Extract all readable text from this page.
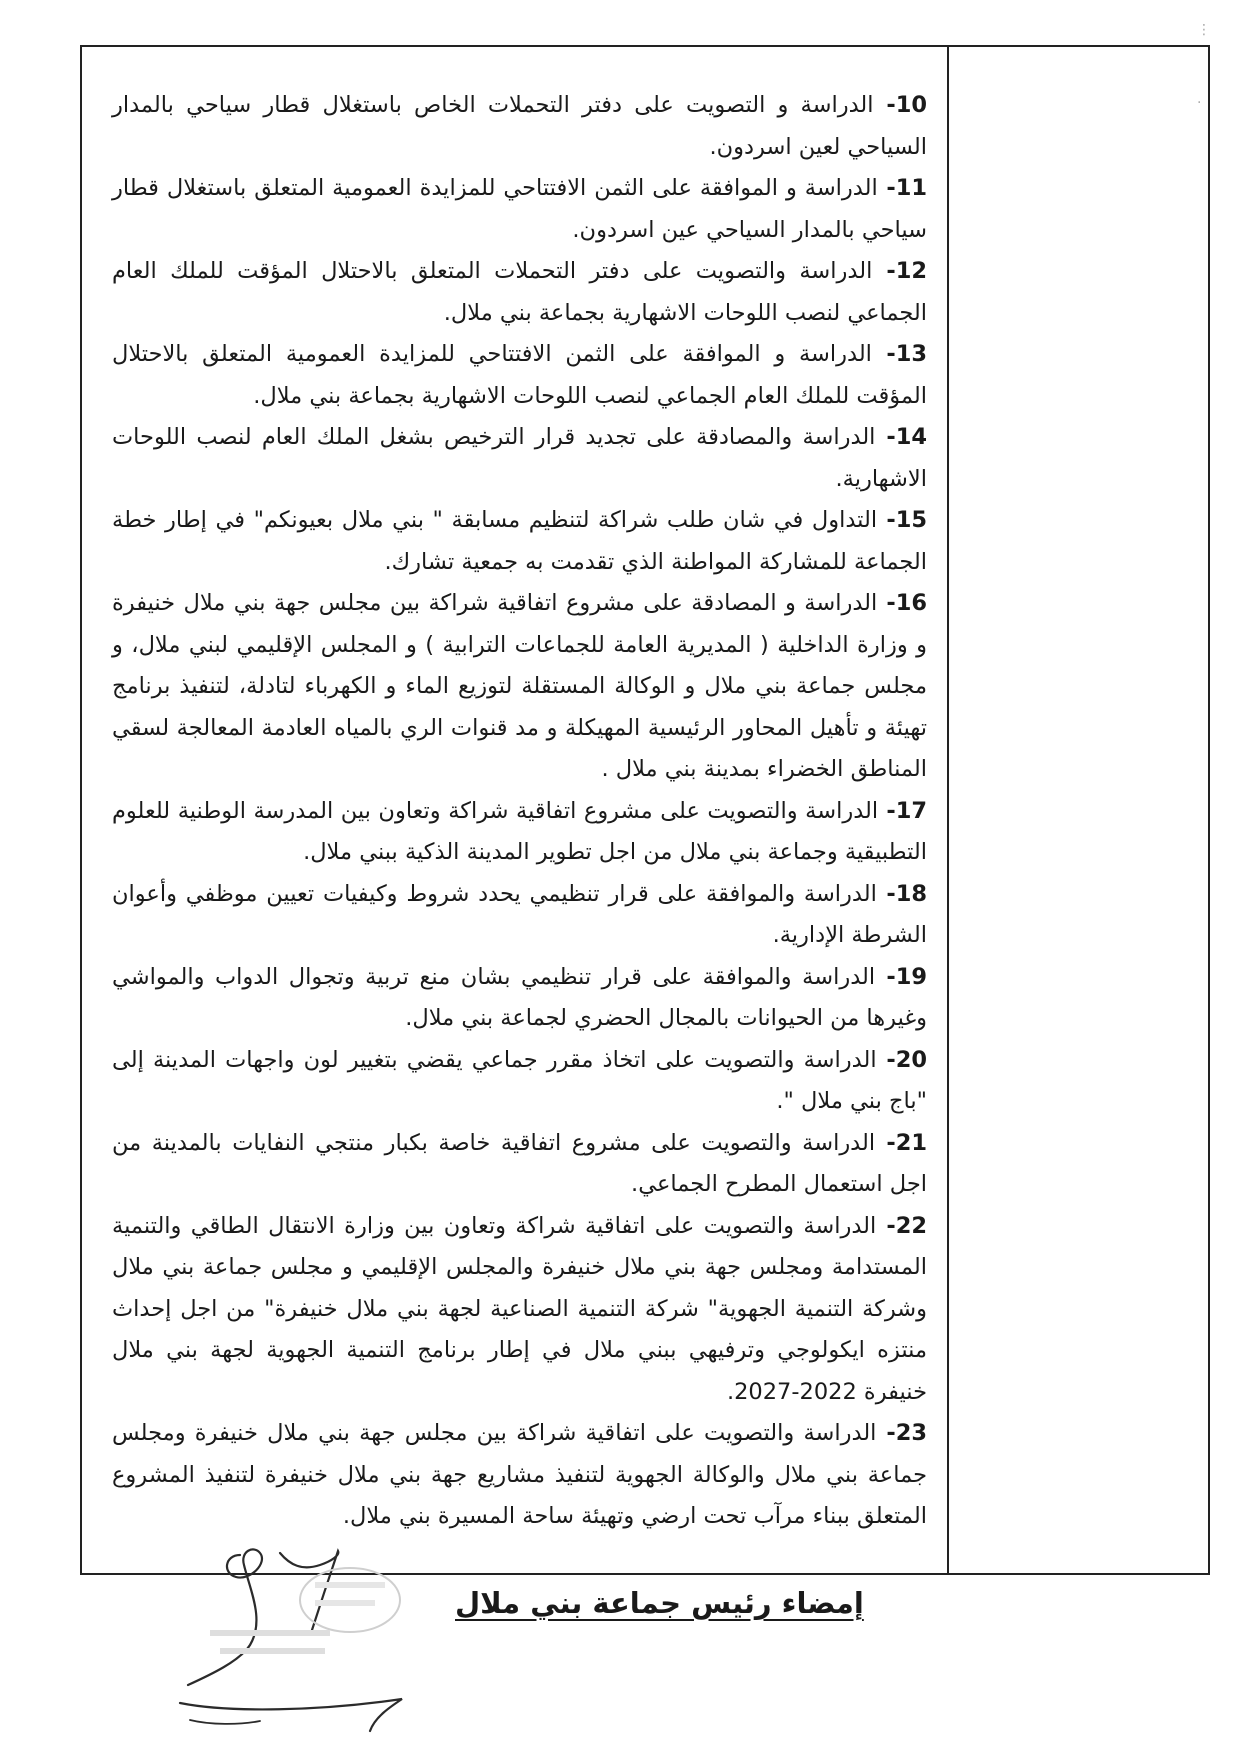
10- الدراسة و التصويت على دفتر التحملات الخاص باستغلال قطار سياحي بالمدار السياحي لعين اسردون.

11- الدراسة و الموافقة على الثمن الافتتاحي للمزايدة العمومية المتعلق باستغلال قطار سياحي بالمدار السياحي عين اسردون.

12- الدراسة والتصويت على دفتر التحملات المتعلق بالاحتلال المؤقت للملك العام الجماعي لنصب اللوحات الاشهارية بجماعة بني ملال.

13- الدراسة و الموافقة على الثمن الافتتاحي للمزايدة العمومية المتعلق بالاحتلال المؤقت للملك العام الجماعي لنصب اللوحات الاشهارية بجماعة بني ملال.

14- الدراسة والمصادقة على تجديد قرار الترخيص بشغل الملك العام لنصب اللوحات الاشهارية.

15- التداول في شان طلب شراكة لتنظيم مسابقة " بني ملال بعيونكم" في إطار خطة الجماعة للمشاركة المواطنة الذي تقدمت به جمعية تشارك.

16- الدراسة و المصادقة على مشروع اتفاقية شراكة بين مجلس جهة بني ملال خنيفرة و وزارة الداخلية ( المديرية العامة للجماعات الترابية ) و المجلس الإقليمي لبني ملال، و مجلس جماعة بني ملال و الوكالة المستقلة لتوزيع الماء و الكهرباء لتادلة، لتنفيذ برنامج تهيئة و تأهيل المحاور الرئيسية المهيكلة و مد قنوات الري بالمياه العادمة المعالجة لسقي المناطق الخضراء بمدينة بني ملال .

17- الدراسة والتصويت على مشروع اتفاقية شراكة وتعاون بين المدرسة الوطنية للعلوم التطبيقية وجماعة بني ملال من اجل تطوير المدينة الذكية ببني ملال.

18- الدراسة والموافقة على قرار تنظيمي يحدد شروط وكيفيات تعيين موظفي وأعوان الشرطة الإدارية.

19- الدراسة والموافقة على قرار تنظيمي بشان منع تربية وتجوال الدواب والمواشي وغيرها من الحيوانات بالمجال الحضري لجماعة بني ملال.

20- الدراسة والتصويت على اتخاذ مقرر جماعي يقضي بتغيير لون واجهات المدينة إلى "باج بني ملال ".

21- الدراسة والتصويت على مشروع اتفاقية خاصة بكبار منتجي النفايات بالمدينة من اجل استعمال المطرح الجماعي.

22- الدراسة والتصويت على اتفاقية شراكة وتعاون بين وزارة الانتقال الطاقي والتنمية المستدامة ومجلس جهة بني ملال خنيفرة والمجلس الإقليمي و مجلس جماعة بني ملال وشركة التنمية الجهوية" شركة التنمية الصناعية لجهة بني ملال خنيفرة" من اجل إحداث منتزه ايكولوجي وترفيهي ببني ملال في إطار برنامج التنمية الجهوية لجهة بني ملال خنيفرة 2022-2027.

23- الدراسة والتصويت على اتفاقية شراكة بين مجلس جهة بني ملال خنيفرة ومجلس جماعة بني ملال والوكالة الجهوية لتنفيذ مشاريع جهة بني ملال خنيفرة لتنفيذ المشروع المتعلق ببناء مرآب تحت ارضي وتهيئة ساحة المسيرة بني ملال.

إمضاء رئيس جماعة بني ملال
⋮
·
